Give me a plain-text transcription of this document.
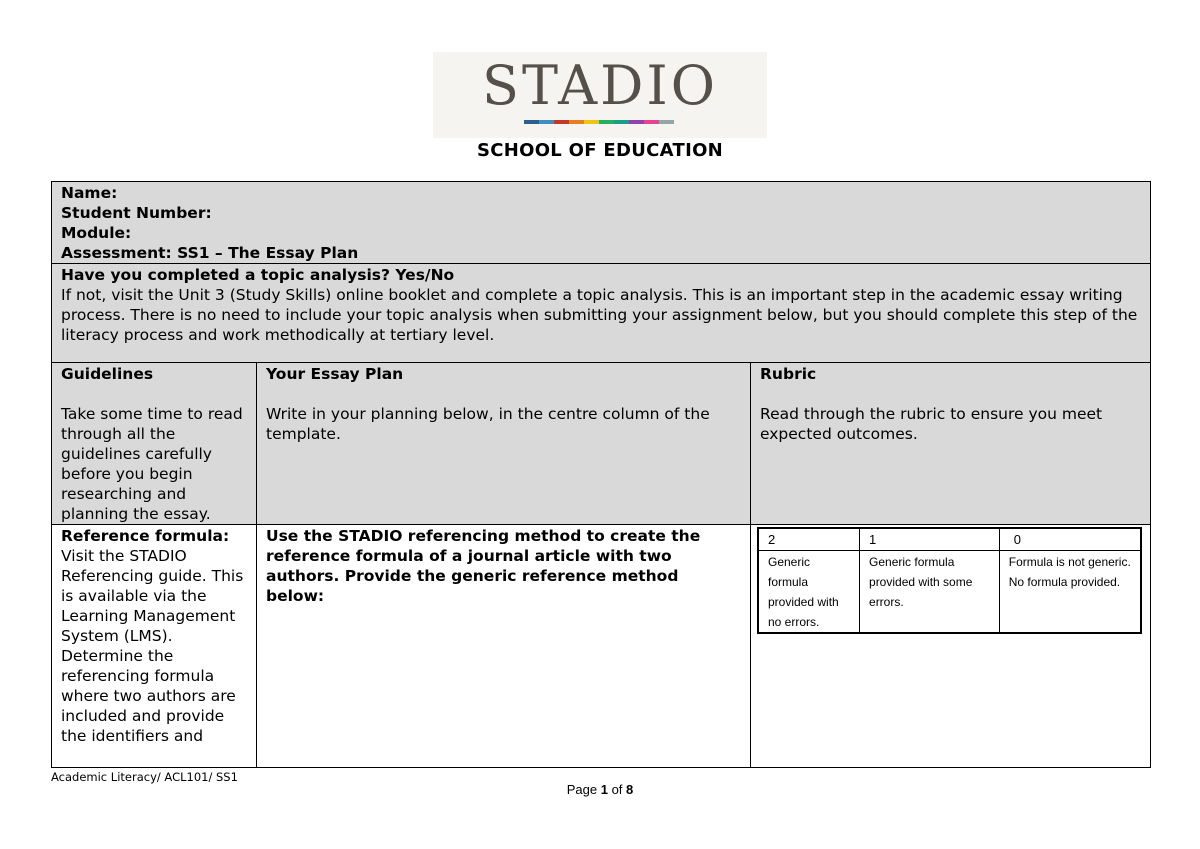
STADIO
SCHOOL OF EDUCATION
Name:
Student Number:
Module:
Assessment: SS1 – The Essay Plan

Have you completed a topic analysis? Yes/No
If not, visit the Unit 3 (Study Skills) online booklet and complete a topic analysis. This is an important step in the academic essay writing process. There is no need to include your topic analysis when submitting your assignment below, but you should complete this step of the literacy process and work methodically at tertiary level.

Guidelines
Take some time to read through all the guidelines carefully before you begin researching and planning the essay.

Your Essay Plan
Write in your planning below, in the centre column of the template.

Rubric
Read through the rubric to ensure you meet expected outcomes.

Reference formula:
Visit the STADIO Referencing guide. This is available via the Learning Management System (LMS). Determine the referencing formula where two authors are included and provide the identifiers and

Use the STADIO referencing method to create the reference formula of a journal article with two authors. Provide the generic reference method below:

2	1	0
Generic formula provided with no errors.	Generic formula provided with some errors.	Formula is not generic. No formula provided.
Academic Literacy/ ACL101/ SS1
Page 1 of 8
